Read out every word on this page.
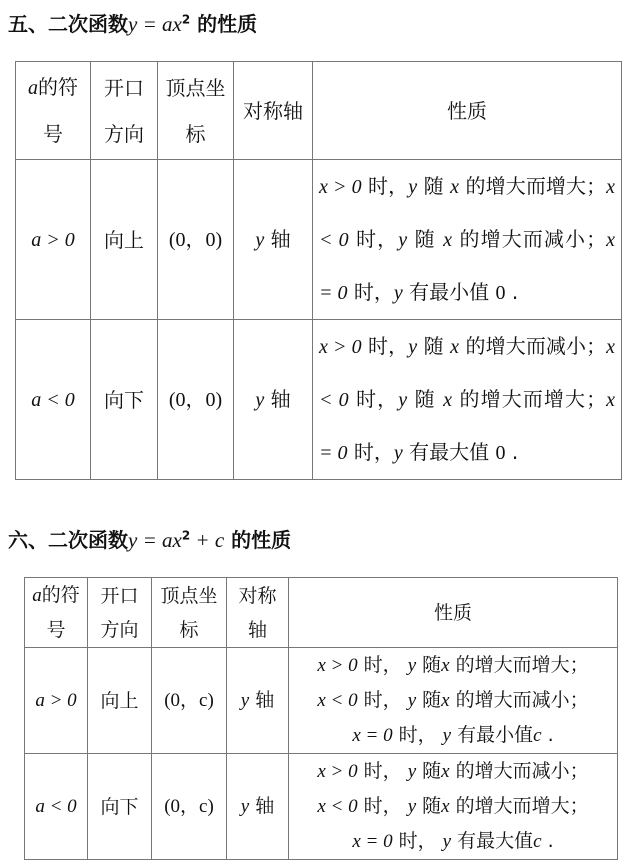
五、二次函数$y = ax^2$ 的性质
a的符号	开口方向	顶点坐标	对称轴	性质
a > 0	向上	(0，0)	y 轴	x > 0 时，y 随 x 的增大而增大；x < 0 时，y 随 x 的增大而减小；x = 0 时，y 有最小值 0 .
a < 0	向下	(0，0)	y 轴	x > 0 时，y 随 x 的增大而减小；x < 0 时，y 随 x 的增大而增大；x = 0 时，y 有最大值 0 .
六、二次函数$y = ax^2 + c$ 的性质
a的符号	开口方向	顶点坐标	对称轴	性质
a > 0	向上	(0，c)	y 轴	x > 0 时， y 随x 的增大而增大；
x < 0 时， y 随x 的增大而减小；
x = 0 时， y 有最小值c .

a < 0	向下	(0，c)	y 轴	x > 0 时， y 随x 的增大而减小；
x < 0 时， y 随x 的增大而增大；
x = 0 时， y 有最大值c .
